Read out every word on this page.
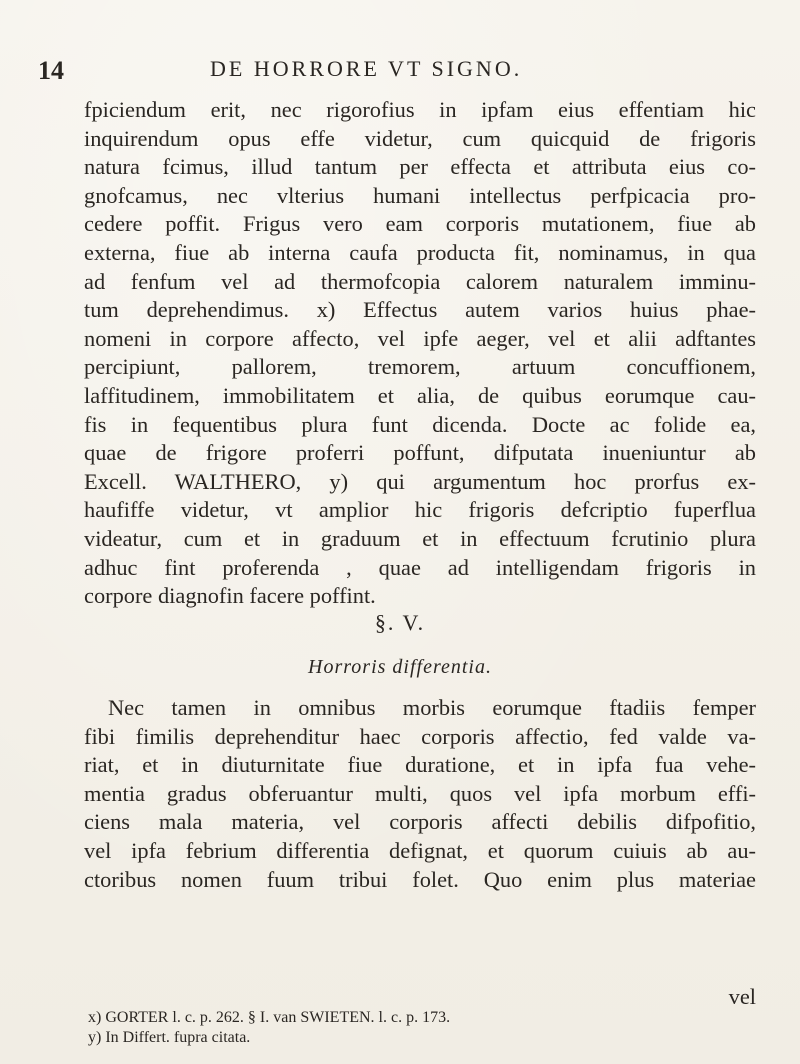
14	DE HORRORE VT SIGNO.
fpiciendum erit, nec rigorofius in ipfam eius effentiam hic
inquirendum opus effe videtur, cum quicquid de frigoris
natura fcimus, illud tantum per effecta et attributa eius co-
gnofcamus, nec vlterius humani intellectus perfpicacia pro-
cedere poffit. Frigus vero eam corporis mutationem, fiue ab
externa, fiue ab interna caufa producta fit, nominamus, in qua
ad fenfum vel ad thermofcopia calorem naturalem imminu-
tum deprehendimus. x) Effectus autem varios huius phae-
nomeni in corpore affecto, vel ipfe aeger, vel et alii adftantes
percipiunt, pallorem, tremorem, artuum concuffionem,
laffitudinem, immobilitatem et alia, de quibus eorumque cau-
fis in fequentibus plura funt dicenda. Docte ac folide ea,
quae de frigore proferri poffunt, difputata inueniuntur ab
Excell. WALTHERO, y) qui argumentum hoc prorfus ex-
haufiffe videtur, vt amplior hic frigoris defcriptio fuperflua
videatur, cum et in graduum et in effectuum fcrutinio plura
adhuc fint proferenda , quae ad intelligendam frigoris in
corpore diagnofin facere poffint.
§. V.
Horroris differentia.
Nec tamen in omnibus morbis eorumque ftadiis femper
fibi fimilis deprehenditur haec corporis affectio, fed valde va-
riat, et in diuturnitate fiue duratione, et in ipfa fua vehe-
mentia gradus obferuantur multi, quos vel ipfa morbum effi-
ciens mala materia, vel corporis affecti debilis difpofitio,
vel ipfa febrium differentia defignat, et quorum cuiuis ab au-
ctoribus nomen fuum tribui folet. Quo enim plus materiae
vel
x) GORTER l. c. p. 262. § I. van SWIETEN. l. c. p. 173.
y) In Differt. fupra citata.
